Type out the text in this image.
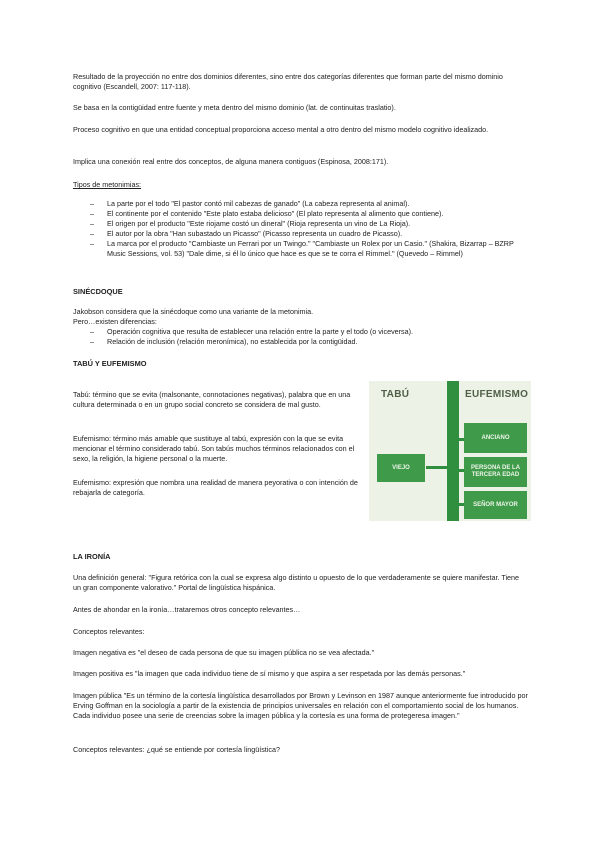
Resultado de la proyección no entre dos dominios diferentes, sino entre dos categorías diferentes que forman parte del mismo dominio cognitivo (Escandell, 2007: 117-118).

Se basa en la contigüidad entre fuente y meta dentro del mismo dominio (lat. de continuitas traslatio).

Proceso cognitivo en que una entidad conceptual proporciona acceso mental a otro dentro del mismo modelo cognitivo idealizado.

Implica una conexión real entre dos conceptos, de alguna manera contiguos (Espinosa, 2008:171).

Tipos de metonimias:

– La parte por el todo "El pastor contó mil cabezas de ganado" (La cabeza representa al animal).
– El continente por el contenido "Este plato estaba delicioso" (El plato representa al alimento que contiene).
– El origen por el producto "Este riojame costó un dineral" (Rioja representa un vino de La Rioja).
– El autor por la obra "Han subastado un Picasso" (Picasso representa un cuadro de Picasso).
– La marca por el producto "Cambiaste un Ferrari por un Twingo." "Cambiaste un Rolex por un Casio." (Shakira, Bizarrap – BZRP Music Sessions, vol. 53) "Dale dime, si él lo único que hace es que se te corra el Rimmel." (Quevedo – Rimmel)

SINÉCDOQUE

Jakobson considera que la sinécdoque como una variante de la metonimia.

Pero…existen diferencias:

– Operación cognitiva que resulta de establecer una relación entre la parte y el todo (o viceversa).
– Relación de inclusión (relación meronímica), no establecida por la contigüidad.

TABÚ Y EUFEMISMO

Tabú: término que se evita (malsonante, connotaciones negativas), palabra que en una cultura determinada o en un grupo social concreto se considera de mal gusto.

Eufemismo: término más amable que sustituye al tabú, expresión con la que se evita mencionar el término considerado tabú. Son tabús muchos términos relacionados con el sexo, la religión, la higiene personal o la muerte.

Eufemismo: expresión que nombra una realidad de manera peyorativa o con intención de rebajarla de categoría.

TABÚ	EUFEMISMO
VIEJO
ANCIANO
PERSONA DE LA TERCERA EDAD
SEÑOR MAYOR

LA IRONÍA

Una definición general: "Figura retórica con la cual se expresa algo distinto u opuesto de lo que verdaderamente se quiere manifestar. Tiene un gran componente valorativo." Portal de lingüística hispánica.

Antes de ahondar en la ironía…trataremos otros concepto relevantes…

Conceptos relevantes:

Imagen negativa es "el deseo de cada persona de que su imagen pública no se vea afectada."

Imagen positiva es "la imagen que cada individuo tiene de sí mismo y que aspira a ser respetada por las demás personas."

Imagen pública "Es un término de la cortesía lingüística desarrollados por Brown y Levinson en 1987 aunque anteriormente fue introducido por Erving Goffman en la sociología a partir de la existencia de principios universales en relación con el comportamiento social de los humanos. Cada individuo posee una serie de creencias sobre la imagen pública y la cortesía es una forma de protegeresa imagen."

Conceptos relevantes: ¿qué se entiende por cortesía lingüística?
